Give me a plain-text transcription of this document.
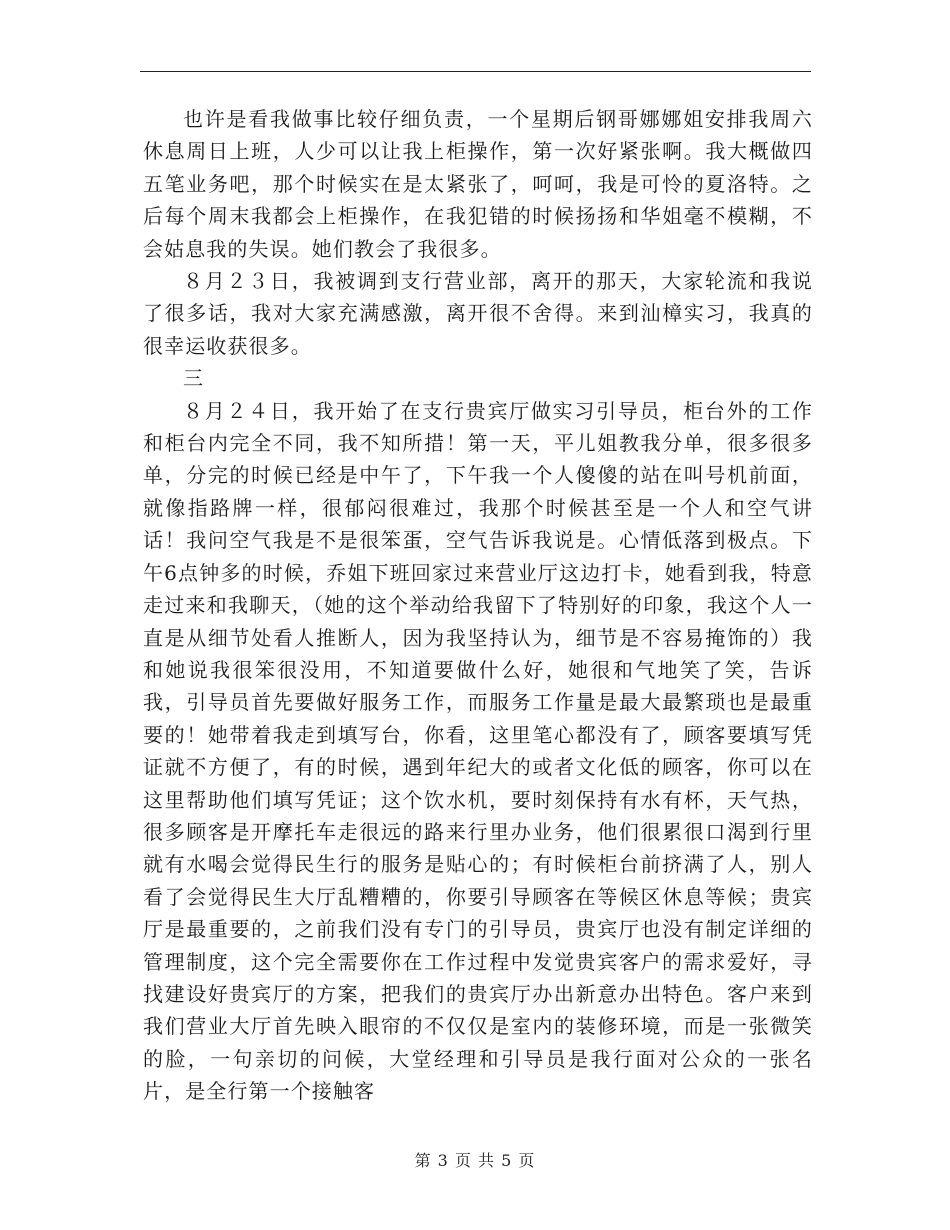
也许是看我做事比较仔细负责，一个星期后钢哥娜娜姐安排我周六休息周日上班，人少可以让我上柜操作，第一次好紧张啊。我大概做四五笔业务吧，那个时候实在是太紧张了，呵呵，我是可怜的夏洛特。之后每个周末我都会上柜操作，在我犯错的时候扬扬和华姐毫不模糊，不会姑息我的失误。她们教会了我很多。

８月２３日，我被调到支行营业部，离开的那天，大家轮流和我说了很多话，我对大家充满感激，离开很不舍得。来到汕樟实习，我真的很幸运收获很多。

三

８月２４日，我开始了在支行贵宾厅做实习引导员，柜台外的工作和柜台内完全不同，我不知所措！第一天，平儿姐教我分单，很多很多单，分完的时候已经是中午了，下午我一个人傻傻的站在叫号机前面，就像指路牌一样，很郁闷很难过，我那个时候甚至是一个人和空气讲话！我问空气我是不是很笨蛋，空气告诉我说是。心情低落到极点。下午6点钟多的时候，乔姐下班回家过来营业厅这边打卡，她看到我，特意走过来和我聊天，（她的这个举动给我留下了特别好的印象，我这个人一直是从细节处看人推断人，因为我坚持认为，细节是不容易掩饰的）我和她说我很笨很没用，不知道要做什么好，她很和气地笑了笑，告诉我，引导员首先要做好服务工作，而服务工作量是最大最繁琐也是最重要的！她带着我走到填写台，你看，这里笔心都没有了，顾客要填写凭证就不方便了，有的时候，遇到年纪大的或者文化低的顾客，你可以在这里帮助他们填写凭证；这个饮水机，要时刻保持有水有杯，天气热，很多顾客是开摩托车走很远的路来行里办业务，他们很累很口渴到行里就有水喝会觉得民生行的服务是贴心的；有时候柜台前挤满了人，别人看了会觉得民生大厅乱糟糟的，你要引导顾客在等候区休息等候；贵宾厅是最重要的，之前我们没有专门的引导员，贵宾厅也没有制定详细的管理制度，这个完全需要你在工作过程中发觉贵宾客户的需求爱好，寻找建设好贵宾厅的方案，把我们的贵宾厅办出新意办出特色。客户来到我们营业大厅首先映入眼帘的不仅仅是室内的装修环境，而是一张微笑的脸，一句亲切的问候，大堂经理和引导员是我行面对公众的一张名片，是全行第一个接触客

第 3 页 共 5 页
